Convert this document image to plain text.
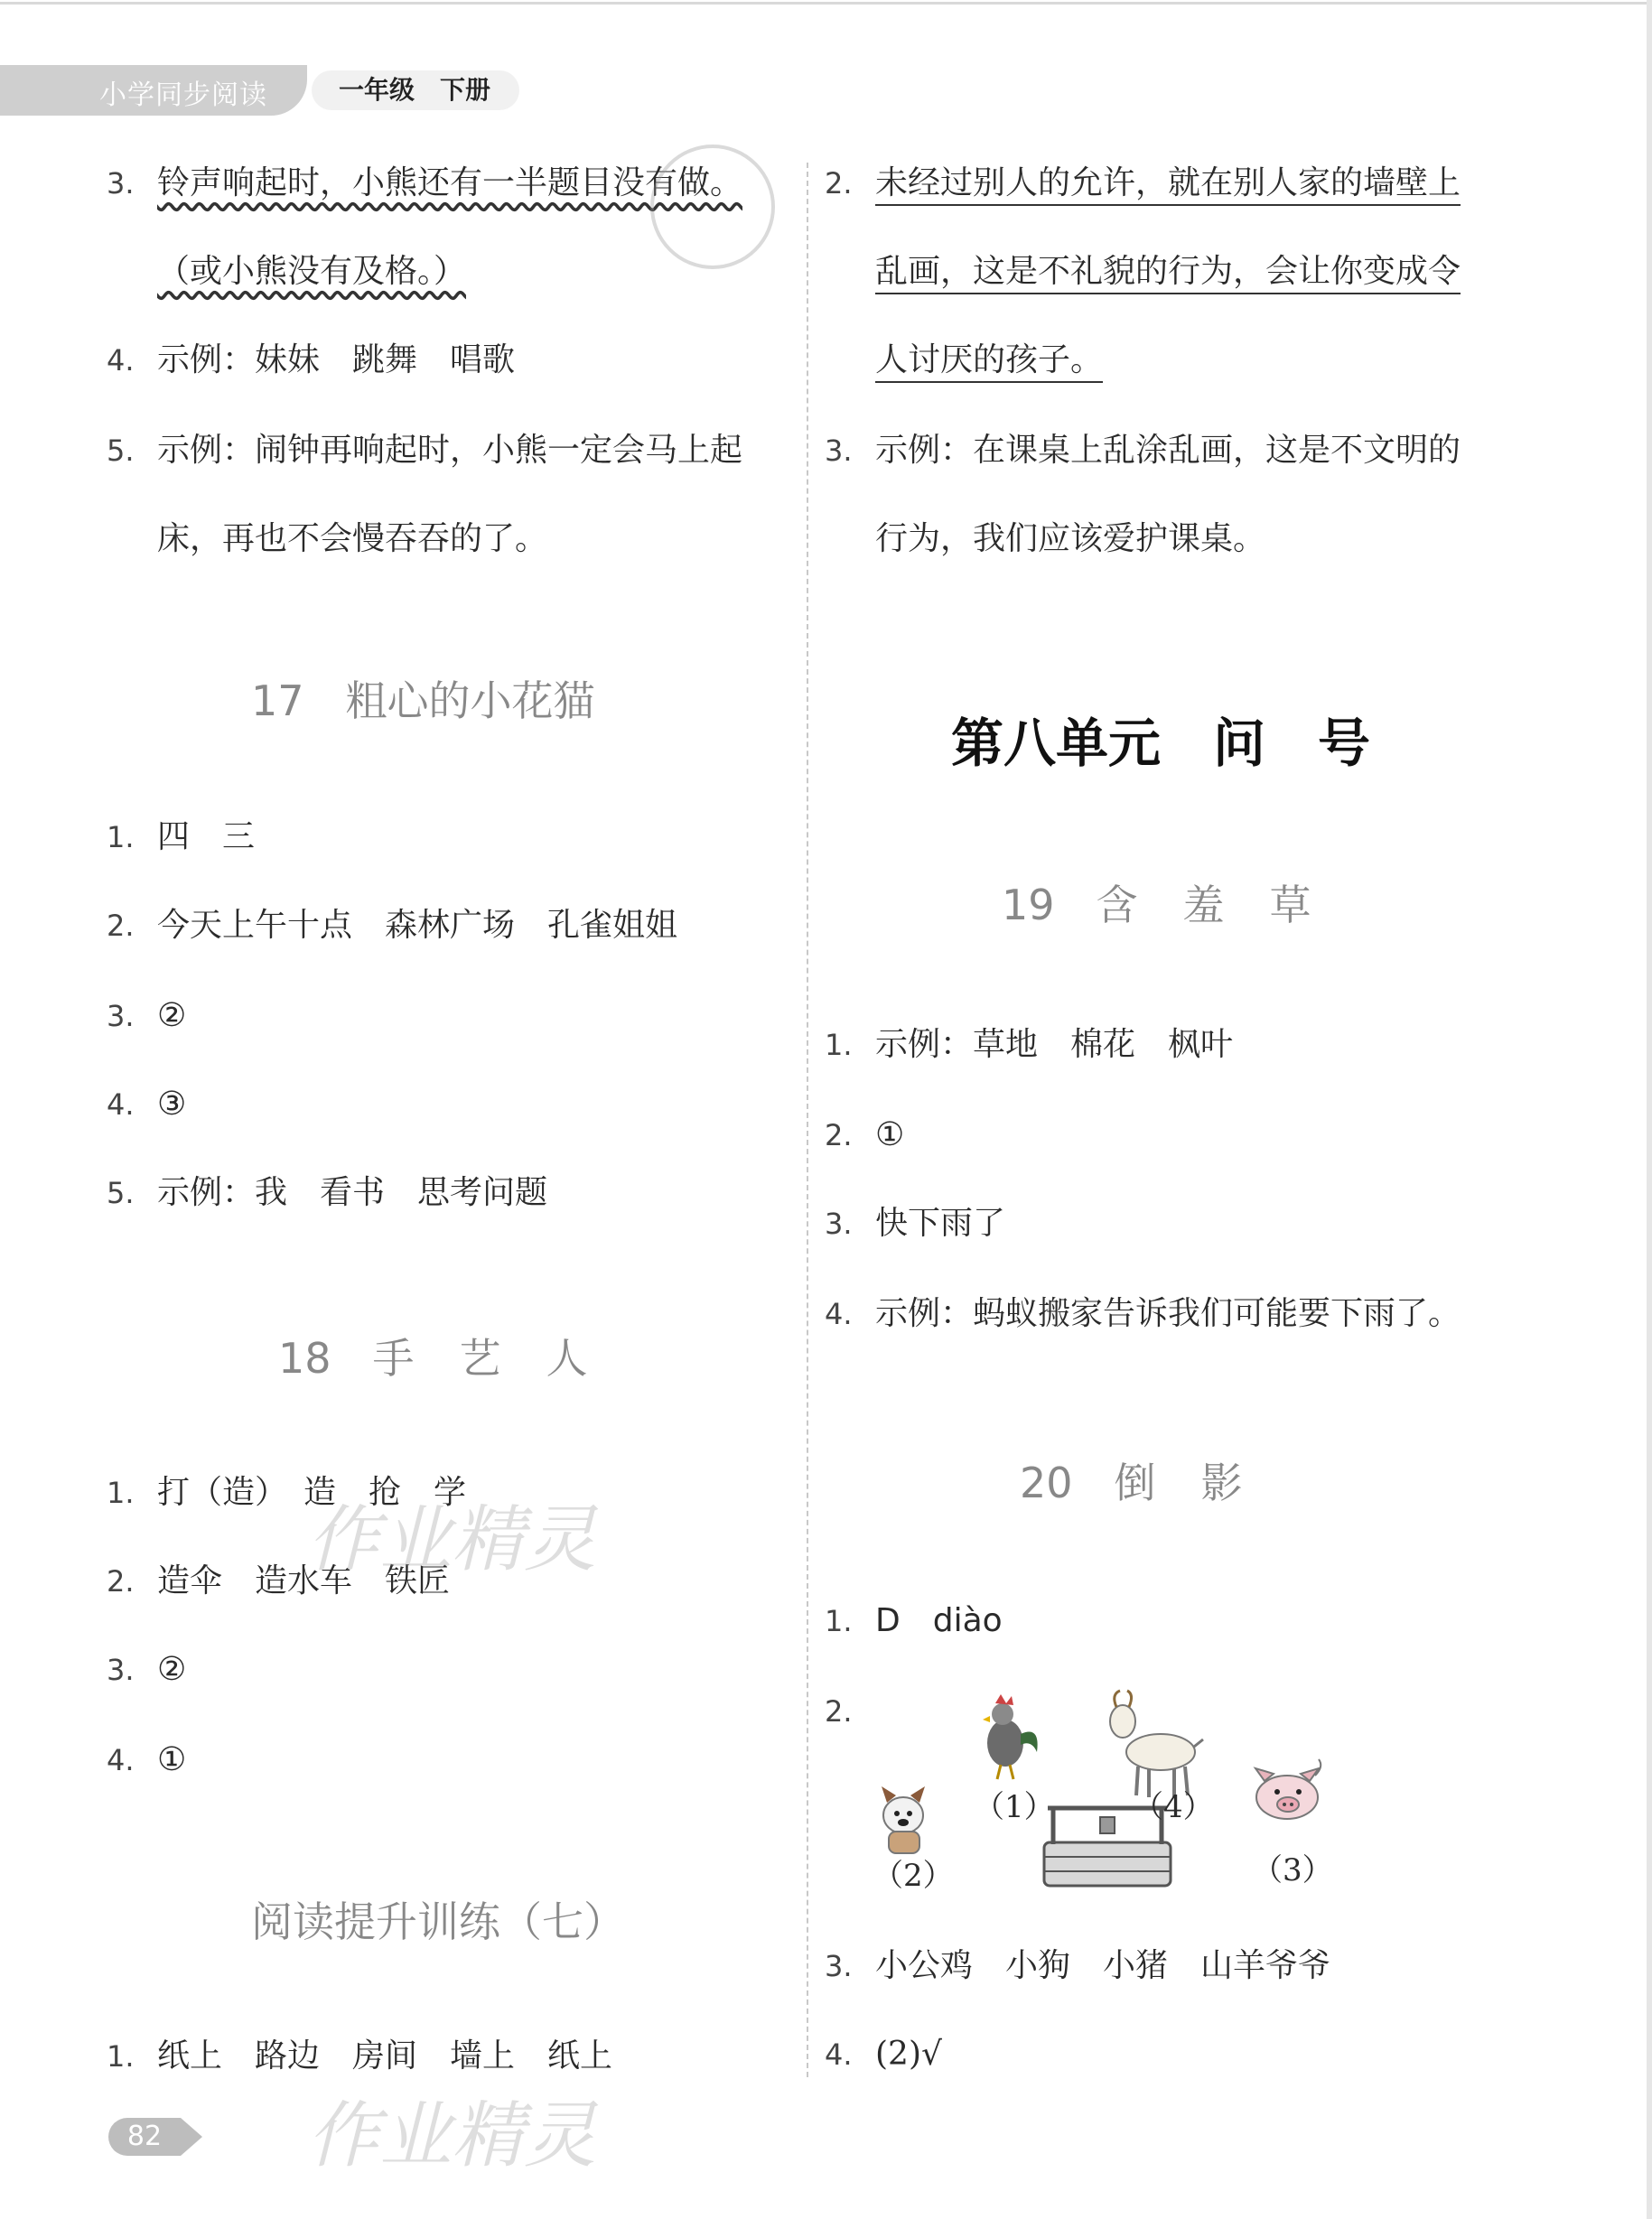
小学同步阅读	一年级 下册
3. 铃声响起时，小熊还有一半题目没有做。
（或小熊没有及格。）
4. 示例：妹妹　跳舞　唱歌
5. 示例：闹钟再响起时，小熊一定会马上起
床，再也不会慢吞吞的了。
17 粗心的小花猫
1. 四　三
2. 今天上午十点　森林广场　孔雀姐姐
3. ②
4. ③
5. 示例：我　看书　思考问题
18 手艺人
1. 打（造）　造　抢　学
2. 造伞　造水车　铁匠
3. ②
4. ①
阅读提升训练（七）
1. 纸上　路边　房间　墙上　纸上
2. 未经过别人的允许，就在别人家的墙壁上
乱画，这是不礼貌的行为，会让你变成令
人讨厌的孩子。
3. 示例：在课桌上乱涂乱画，这是不文明的
行为，我们应该爱护课桌。
第八单元　问　号
19 含羞草
1. 示例：草地　棉花　枫叶
2. ①
3. 快下雨了
4. 示例：蚂蚁搬家告诉我们可能要下雨了。
20 倒影
1. D　diào
2.
3. 小公鸡　小狗　小猪　山羊爷爷
4. (2)√
（1）	（4）
（2）	（3）
作业精灵
作业精灵
82
